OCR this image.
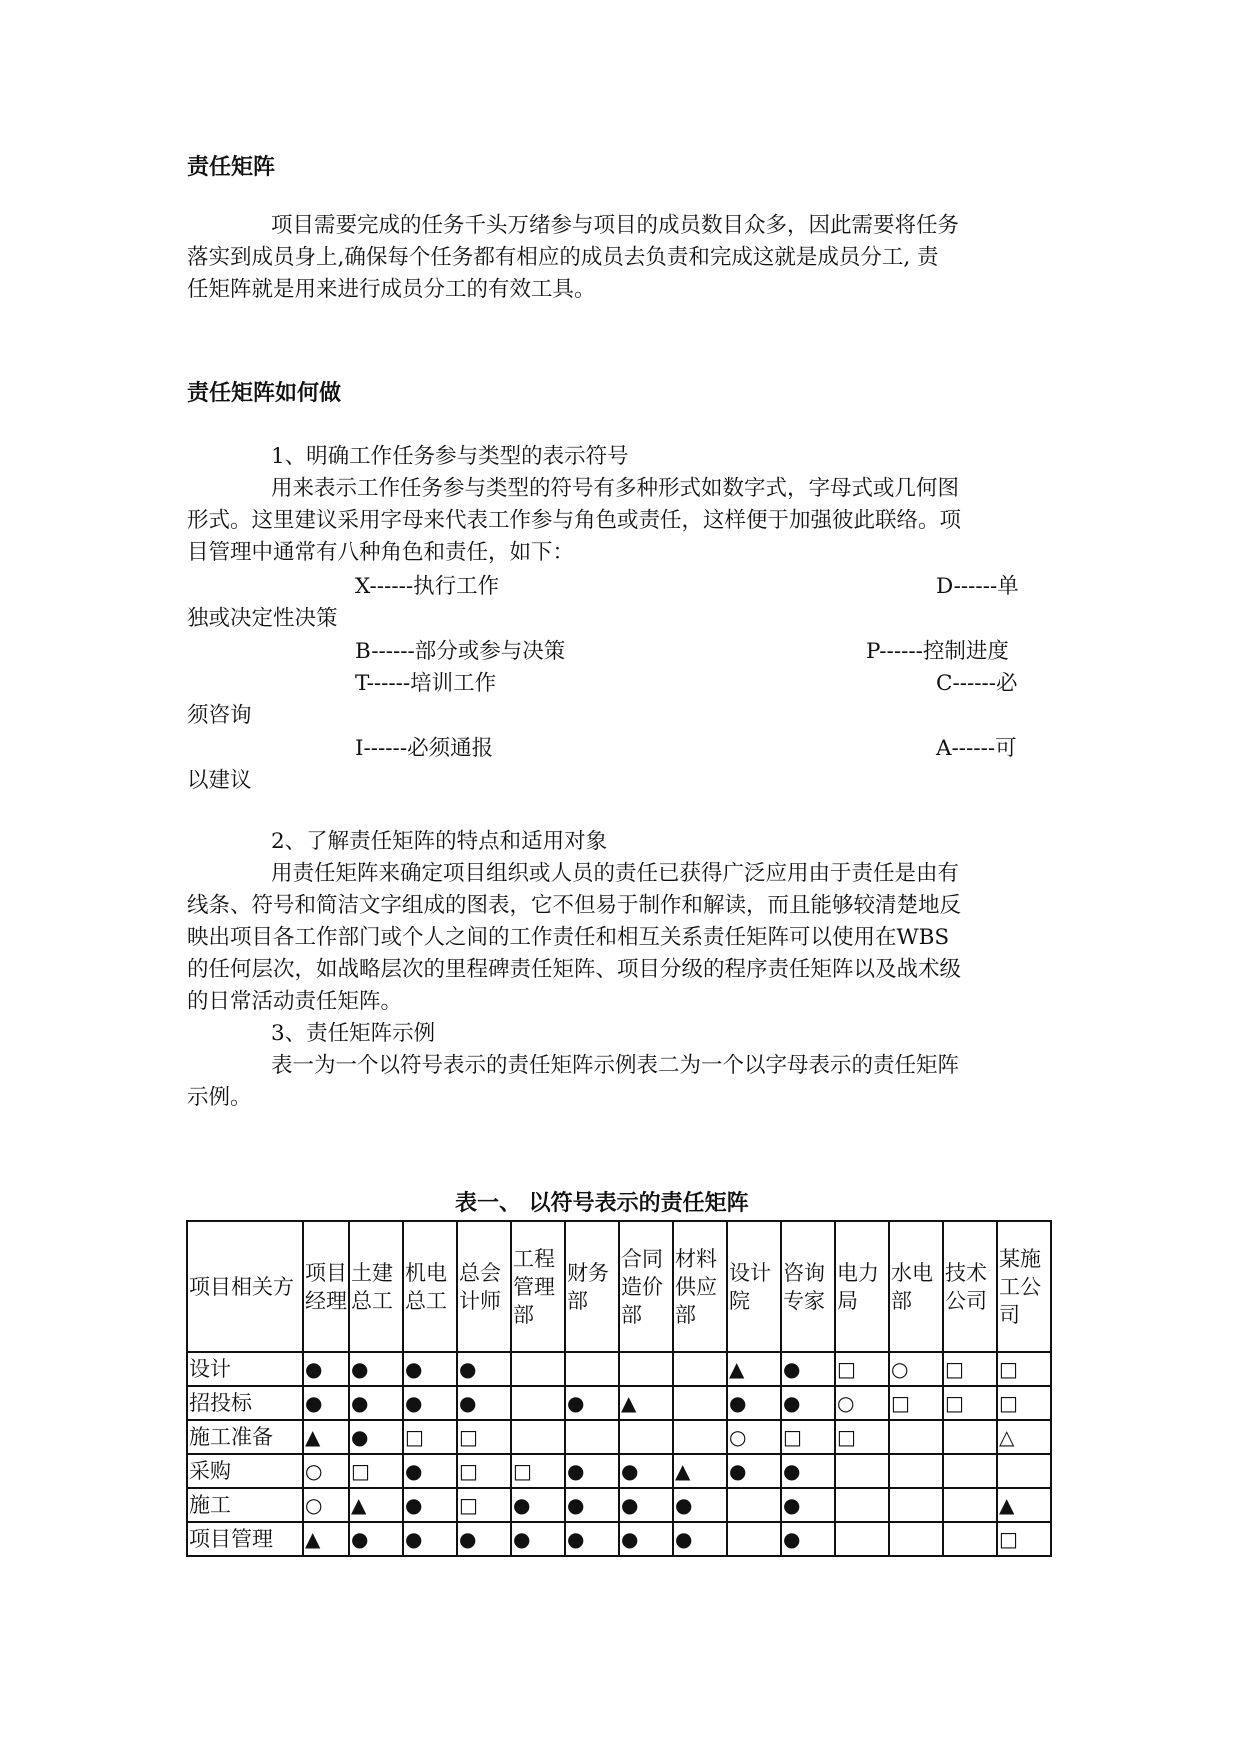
责任矩阵
项目需要完成的任务千头万绪参与项目的成员数目众多，因此需要将任务
落实到成员身上,确保每个任务都有相应的成员去负责和完成这就是成员分工, 责
任矩阵就是用来进行成员分工的有效工具。
责任矩阵如何做
1、明确工作任务参与类型的表示符号
用来表示工作任务参与类型的符号有多种形式如数字式，字母式或几何图
形式。这里建议采用字母来代表工作参与角色或责任，这样便于加强彼此联络。项
目管理中通常有八种角色和责任，如下：
X------执行工作	D------单
独或决定性决策
B------部分或参与决策	P------控制进度
T------培训工作	C------必
须咨询
I------必须通报	A------可
以建议
2、了解责任矩阵的特点和适用对象
用责任矩阵来确定项目组织或人员的责任已获得广泛应用由于责任是由有
线条、符号和简洁文字组成的图表，它不但易于制作和解读，而且能够较清楚地反
映出项目各工作部门或个人之间的工作责任和相互关系责任矩阵可以使用在WBS
的任何层次，如战略层次的里程碑责任矩阵、项目分级的程序责任矩阵以及战术级
的日常活动责任矩阵。
3、责任矩阵示例
表一为一个以符号表示的责任矩阵示例表二为一个以字母表示的责任矩阵
示例。
表一、 以符号表示的责任矩阵
项目相关方	项目经理	土建总工	机电总工	总会计师	工程管理部	财务部	合同造价部	材料供应部	设计院	咨询专家	电力局	水电部	技术公司	某施工公司
设计	●	●	●	●					▲	●	□	○	□	□
招投标	●	●	●	●		●	▲		●	●	○	□	□	□
施工准备	▲	●	□	□					○	□	□			△
采购	○	□	●	□	□	●	●	▲	●	●				
施工	○	▲	●	□	●	●	●	●		●				▲
项目管理	▲	●	●	●	●	●	●	●		●				□
